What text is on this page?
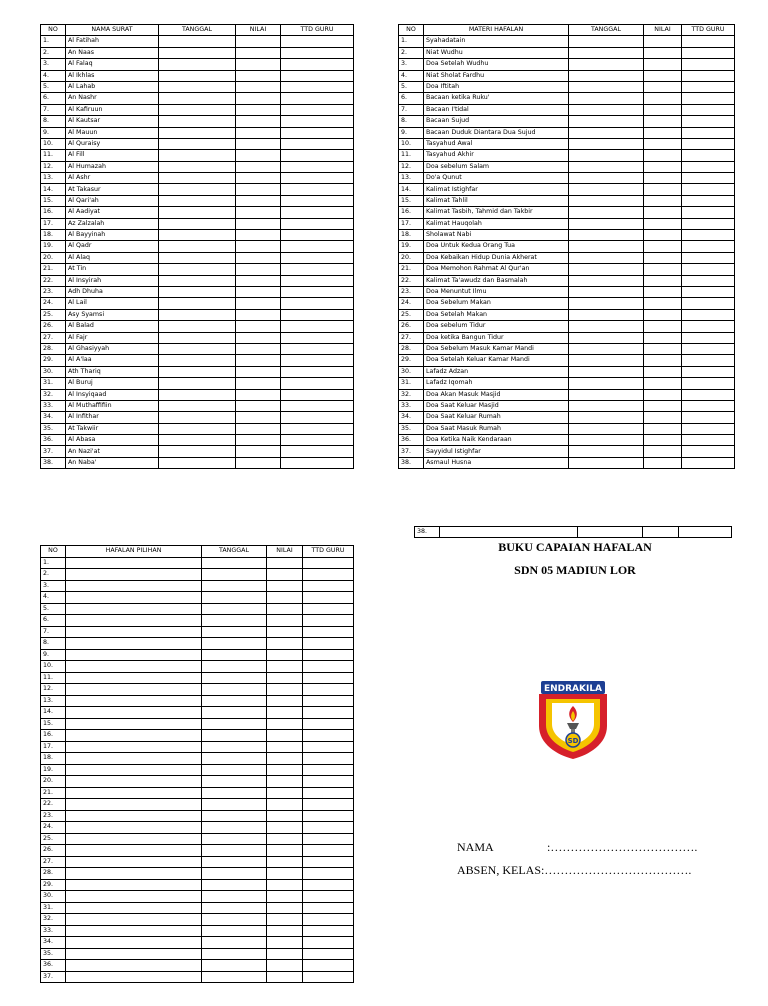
NO	NAMA SURAT	TANGGAL	NILAI	TTD GURU
1.	Al Fatihah			
2.	An Naas			
3.	Al Falaq			
4.	Al Ikhlas			
5.	Al Lahab			
6.	An Nashr			
7.	Al Kafiruun			
8.	Al Kautsar			
9.	Al Mauun			
10.	Al Quraisy			
11.	Al Fill			
12.	Al Humazah			
13.	Al Ashr			
14.	At Takasur			
15.	Al Qari'ah			
16.	Al Aadiyat			
17.	Az Zalzalah			
18.	Al Bayyinah			
19.	Al Qadr			
20.	Al Alaq			
21.	At Tin			
22.	Al Insyirah			
23.	Adh Dhuha			
24.	Al Lail			
25.	Asy Syamsi			
26.	Al Balad			
27.	Al Fajr			
28.	Al Ghasiyyah			
29.	Al A'laa			
30.	Ath Thariq			
31.	Al Buruj			
32.	Al Insyiqaad			
33.	Al Muthaffifiin			
34.	Al Infithar			
35.	At Takwiir			
36.	Al Abasa			
37.	An Nazi'at			
38.	An Naba'			
NO	MATERI HAFALAN	TANGGAL	NILAI	TTD GURU
1.	Syahadatain			
2.	Niat Wudhu			
3.	Doa Setelah Wudhu			
4.	Niat Sholat Fardhu			
5.	Doa Iftitah			
6.	Bacaan ketika Ruku'			
7.	Bacaan I'tidal			
8.	Bacaan Sujud			
9.	Bacaan Duduk Diantara Dua Sujud			
10.	Tasyahud Awal			
11.	Tasyahud Akhir			
12.	Doa sebelum Salam			
13.	Do'a Qunut			
14.	Kalimat Istighfar			
15.	Kalimat Tahlil			
16.	Kalimat Tasbih, Tahmid dan Takbir			
17.	Kalimat Hauqolah			
18.	Sholawat Nabi			
19.	Doa Untuk Kedua Orang Tua			
20.	Doa Kebaikan Hidup Dunia Akherat			
21.	Doa Memohon Rahmat Al Qur'an			
22.	Kalimat Ta'awudz dan Basmalah			
23.	Doa Menuntut Ilmu			
24.	Doa Sebelum Makan			
25.	Doa Setelah Makan			
26.	Doa sebelum Tidur			
27.	Doa ketika Bangun Tidur			
28.	Doa Sebelum Masuk Kamar Mandi			
29.	Doa Setelah Keluar Kamar Mandi			
30.	Lafadz Adzan			
31.	Lafadz Iqomah			
32.	Doa Akan Masuk Masjid			
33.	Doa Saat Keluar Masjid			
34.	Doa Saat Keluar Rumah			
35.	Doa Saat Masuk Rumah			
36.	Doa Ketika Naik Kendaraan			
37.	Sayyidul Istighfar			
38.	Asmaul Husna			
NO	HAFALAN PILIHAN	TANGGAL	NILAI	TTD GURU
1.				
2.				
3.				
4.				
5.				
6.				
7.				
8.				
9.				
10.				
11.				
12.				
13.				
14.				
15.				
16.				
17.				
18.				
19.				
20.				
21.				
22.				
23.				
24.				
25.				
26.				
27.				
28.				
29.				
30.				
31.				
32.				
33.				
34.				
35.				
36.				
37.				
38.				
BUKU CAPAIAN HAFALAN
SDN 05 MADIUN LOR
ENDRAKILA
SD
NAMA	:……………………………….
ABSEN, KELAS:……………………………….
